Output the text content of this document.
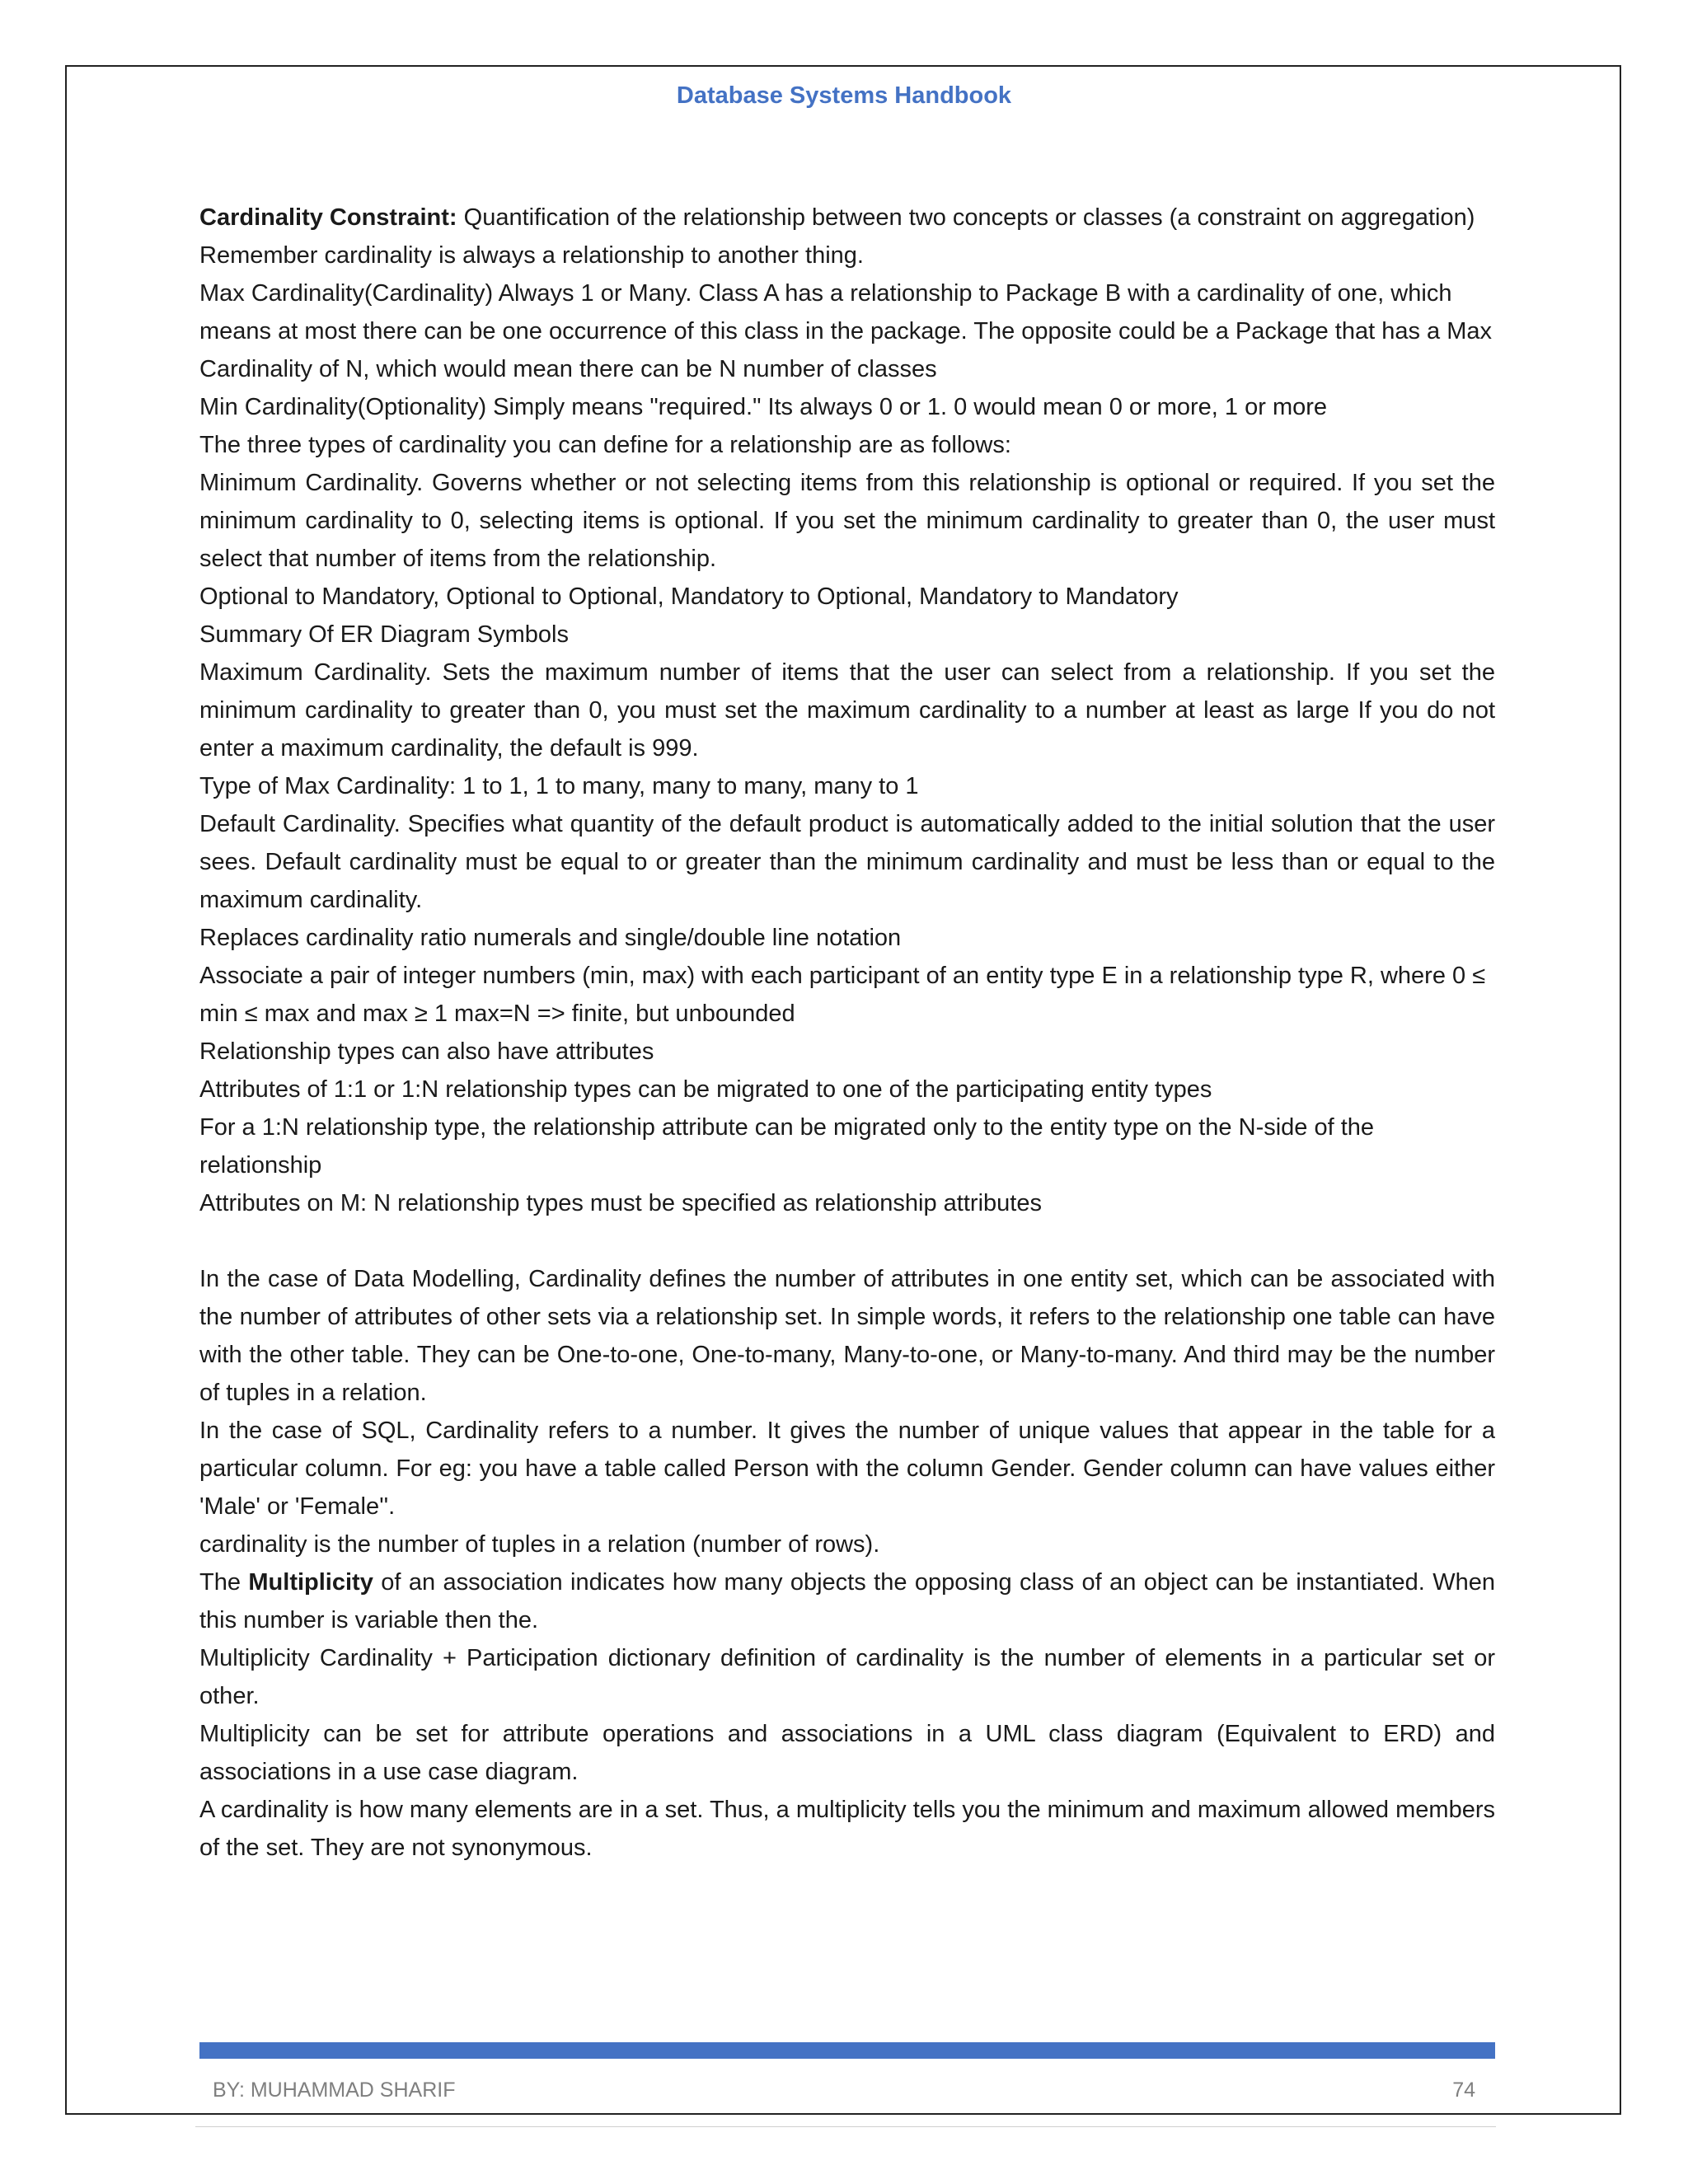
Database Systems Handbook

Cardinality Constraint: Quantification of the relationship between two concepts or classes (a constraint on aggregation)

Remember cardinality is always a relationship to another thing.

Max Cardinality(Cardinality) Always 1 or Many. Class A has a relationship to Package B with a cardinality of one, which means at most there can be one occurrence of this class in the package. The opposite could be a Package that has a Max Cardinality of N, which would mean there can be N number of classes

Min Cardinality(Optionality) Simply means "required." Its always 0 or 1. 0 would mean 0 or more, 1 or more

The three types of cardinality you can define for a relationship are as follows:

Minimum Cardinality. Governs whether or not selecting items from this relationship is optional or required. If you set the minimum cardinality to 0, selecting items is optional. If you set the minimum cardinality to greater than 0, the user must select that number of items from the relationship.

Optional to Mandatory, Optional to Optional, Mandatory to Optional, Mandatory to Mandatory

Summary Of ER Diagram Symbols

Maximum Cardinality. Sets the maximum number of items that the user can select from a relationship. If you set the minimum cardinality to greater than 0, you must set the maximum cardinality to a number at least as large If you do not enter a maximum cardinality, the default is 999.

Type of Max Cardinality: 1 to 1, 1 to many, many to many, many to 1

Default Cardinality. Specifies what quantity of the default product is automatically added to the initial solution that the user sees. Default cardinality must be equal to or greater than the minimum cardinality and must be less than or equal to the maximum cardinality.

Replaces cardinality ratio numerals and single/double line notation

Associate a pair of integer numbers (min, max) with each participant of an entity type E in a relationship type R, where 0 ≤ min ≤ max and max ≥ 1 max=N => finite, but unbounded

Relationship types can also have attributes

Attributes of 1:1 or 1:N relationship types can be migrated to one of the participating entity types

For a 1:N relationship type, the relationship attribute can be migrated only to the entity type on the N-side of the relationship

Attributes on M: N relationship types must be specified as relationship attributes

In the case of Data Modelling, Cardinality defines the number of attributes in one entity set, which can be associated with the number of attributes of other sets via a relationship set. In simple words, it refers to the relationship one table can have with the other table. They can be One-to-one, One-to-many, Many-to-one, or Many-to-many. And third may be the number of tuples in a relation.

In the case of SQL, Cardinality refers to a number. It gives the number of unique values that appear in the table for a particular column. For eg: you have a table called Person with the column Gender. Gender column can have values either 'Male' or 'Female''.

cardinality is the number of tuples in a relation (number of rows).

The Multiplicity of an association indicates how many objects the opposing class of an object can be instantiated. When this number is variable then the.

Multiplicity Cardinality + Participation dictionary definition of cardinality is the number of elements in a particular set or other.

Multiplicity can be set for attribute operations and associations in a UML class diagram (Equivalent to ERD) and associations in a use case diagram.

A cardinality is how many elements are in a set. Thus, a multiplicity tells you the minimum and maximum allowed members of the set. They are not synonymous.

BY: MUHAMMAD SHARIF	74
